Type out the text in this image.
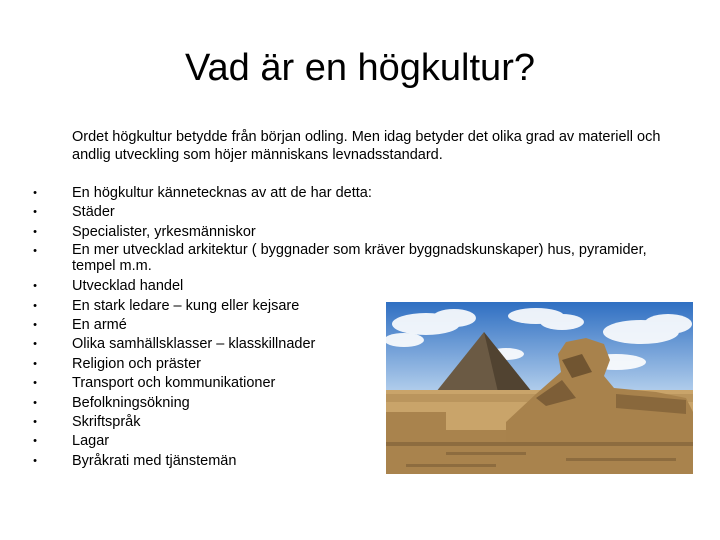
Vad är en högkultur?
Ordet högkultur betydde från början odling. Men idag betyder det olika grad av materiell och andlig utveckling som höjer människans levnadsstandard.
•	En högkultur kännetecknas av att de har detta:
•	Städer
•	Specialister, yrkesmänniskor
•	En mer utvecklad arkitektur ( byggnader som kräver byggnadskunskaper) hus, pyramider, tempel m.m.
•	Utvecklad handel
•	En stark ledare – kung eller kejsare
•	En armé
•	Olika samhällsklasser – klasskillnader
•	Religion och präster
•	Transport och kommunikationer
•	Befolkningsökning
•	Skriftspråk
•	Lagar
•	Byråkrati med tjänstemän
